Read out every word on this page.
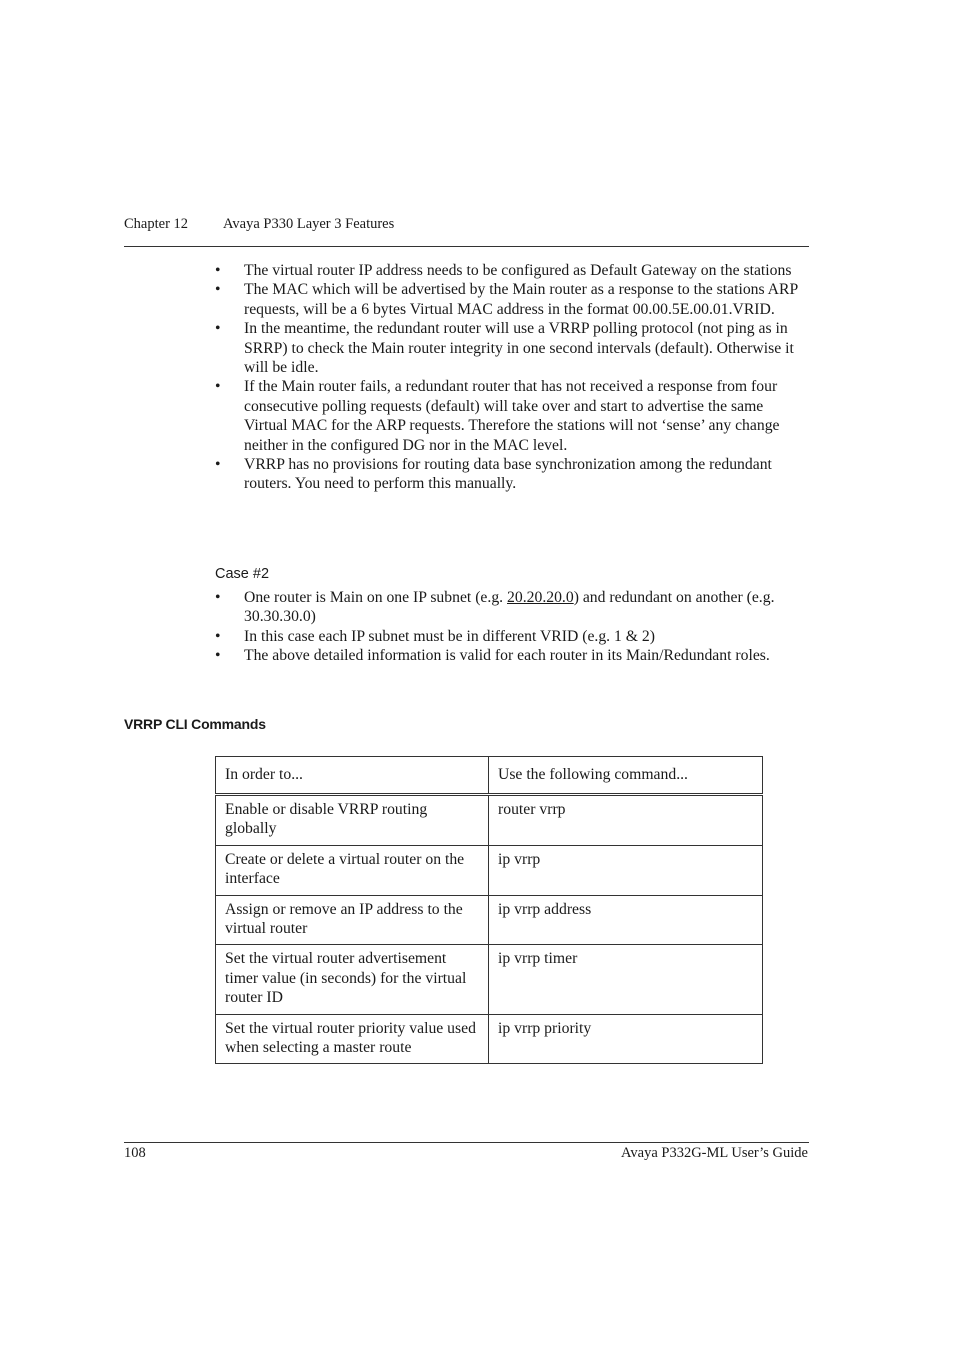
Chapter 12 Avaya P330 Layer 3 Features
• The virtual router IP address needs to be configured as Default Gateway on the stations
• The MAC which will be advertised by the Main router as a response to the stations ARP requests, will be a 6 bytes Virtual MAC address in the format 00.00.5E.00.01.VRID.
• In the meantime, the redundant router will use a VRRP polling protocol (not ping as in SRRP) to check the Main router integrity in one second intervals (default). Otherwise it will be idle.
• If the Main router fails, a redundant router that has not received a response from four consecutive polling requests (default) will take over and start to advertise the same Virtual MAC for the ARP requests. Therefore the stations will not ‘sense’ any change neither in the configured DG nor in the MAC level.
• VRRP has no provisions for routing data base synchronization among the redundant routers. You need to perform this manually.
Case #2
• One router is Main on one IP subnet (e.g. 20.20.20.0) and redundant on another (e.g. 30.30.30.0)
• In this case each IP subnet must be in different VRID (e.g. 1 & 2)
• The above detailed information is valid for each router in its Main/Redundant roles.
VRRP CLI Commands
In order to...	Use the following command...
Enable or disable VRRP routing globally	router vrrp
Create or delete a virtual router on the interface	ip vrrp
Assign or remove an IP address to the virtual router	ip vrrp address
Set the virtual router advertisement timer value (in seconds) for the virtual router ID	ip vrrp timer
Set the virtual router priority value used when selecting a master route	ip vrrp priority
108	Avaya P332G-ML User’s Guide
